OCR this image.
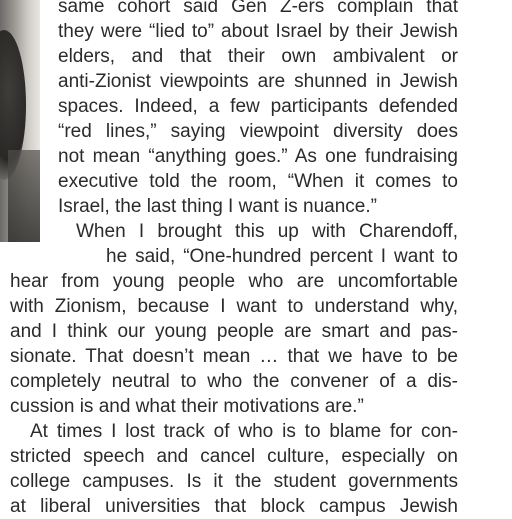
same cohort said Gen Z-ers complain that
they were “lied to” about Israel by their Jewish
elders, and that their own ambivalent or
anti-Zionist viewpoints are shunned in Jewish
spaces. Indeed, a few participants defended
“red lines,” saying viewpoint diversity does
not mean “anything goes.” As one fundraising
executive told the room, “When it comes to
Israel, the last thing I want is nuance.”
When I brought this up with Charendoff,
he said, “One-hundred percent I want to
hear from young people who are uncomfortable
with Zionism, because I want to understand why,
and I think our young people are smart and pas-
sionate. That doesn’t mean … that we have to be
completely neutral to who the convener of a dis-
cussion is and what their motivations are.”
At times I lost track of who is to blame for con-
stricted speech and cancel culture, especially on
college campuses. Is it the student governments
at liberal universities that block campus Jewish
